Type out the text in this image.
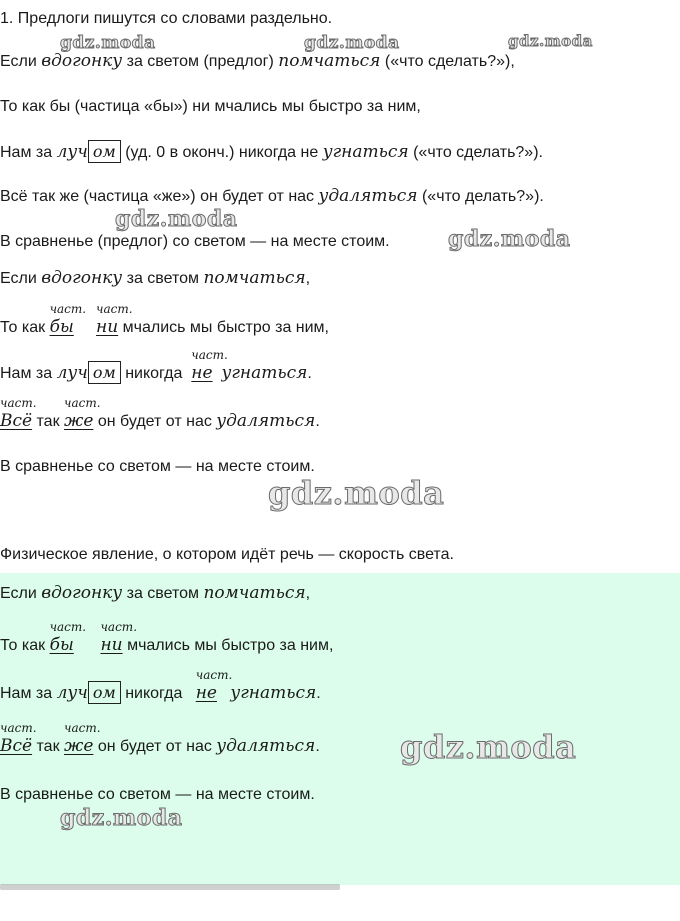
1. Предлоги пишутся со словами раздельно.
Если вдогонку за светом (предлог) помчаться («что сделать?»),
То как бы (частица «бы») ни мчались мы быстро за ним,
Нам за луч ом (уд. 0 в оконч.) никогда не угнаться («что сделать?»).
Всё так же (частица «же») он будет от нас удаляться («что делать?»).
В сравненье (предлог) со светом — на месте стоим.
Если вдогонку за светом помчаться,
То как
част.
бы
част.
ни мчались мы быстро за ним,
Нам за луч ом никогда
част.
не угнаться.
част.
Всё так
част.
же он будет от нас удаляться.
В сравненье со светом — на месте стоим.
Физическое явление, о котором идёт речь — скорость света.
Если вдогонку за светом помчаться,
То как
част.
бы
част.
ни мчались мы быстро за ним,
Нам за луч ом никогда
част.
не угнаться.
част.
Всё так
част.
же он будет от нас удаляться.
В сравненье со светом — на месте стоим.
gdz.moda	gdz.moda	gdz.moda
gdz.moda
gdz.moda
gdz.moda
gdz.moda
gdz.moda
